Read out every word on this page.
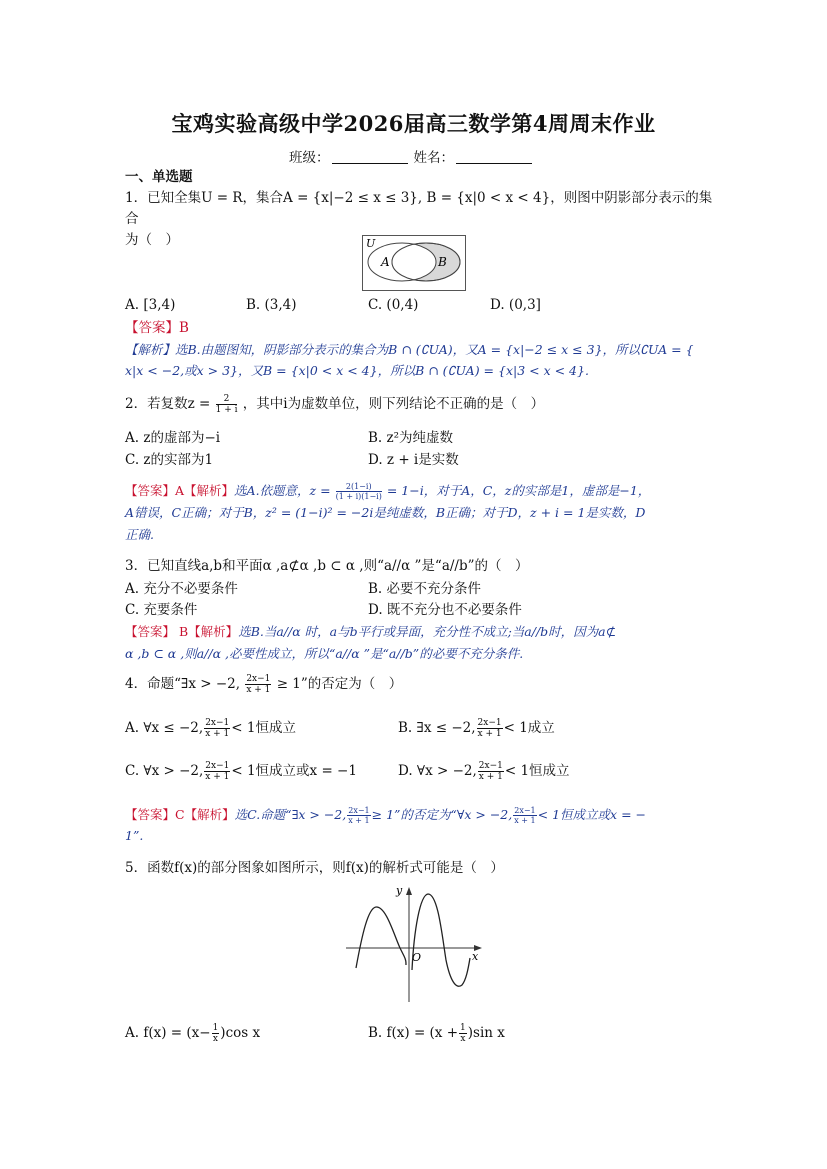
宝鸡实验高级中学2026届高三数学第4周周末作业
班级：	姓名：
一、单选题
1．已知全集U = R，集合A = {x|−2 ≤ x ≤ 3}, B = {x|0 < x < 4}，则图中阴影部分表示的集合
为（　）	U
A	B
A. [3,4)	B. (3,4)	C. (0,4)	D. (0,3]
【答案】B
【解析】选B.由题图知，阴影部分表示的集合为B ∩ (∁UA)，又A = {x|−2 ≤ x ≤ 3}，所以∁UA = {
x|x < −2,或x > 3}，又B = {x|0 < x < 4}，所以B ∩ (∁UA) = {x|3 < x < 4}.
2．若复数$z = \frac{2}{1 + i}$ ，其中i为虚数单位，则下列结论不正确的是（　）
A. z的虚部为−i	B. z²为纯虚数
C. z的实部为1	D. z + i是实数
【答案】A【解析】选A.依题意，$z = \frac{2(1-i)}{(1 + i)(1-i)} = 1-i$，对于A，C，z的实部是1，虚部是−1，
A错误，C正确；对于B，z² = (1−i)² = −2i是纯虚数，B正确；对于D，z + i = 1是实数，D
正确.
3．已知直线a,b和平面α ,a⊄α ,b ⊂ α ,则“a//α ”是“a//b”的（　）
A. 充分不必要条件	B. 必要不充分条件
C. 充要条件	D. 既不充分也不必要条件
【答案】 B【解析】选B.当a//α 时，a与b平行或异面，充分性不成立;当a//b时，因为a⊄
α ,b ⊂ α ,则a//α ,必要性成立，所以“a//α ”是“a//b”的必要不充分条件.
4．命题“∃x > −2, $\frac{2x-1}{x + 1} \ge 1$”的否定为（　）
A. ∀x ≤ −2, $\frac{2x-1}{x + 1} < 1$恒成立	B. ∃x ≤ −2, $\frac{2x-1}{x + 1} < 1$成立
C. ∀x > −2, $\frac{2x-1}{x + 1} < 1$恒成立或x = −1	D. ∀x > −2, $\frac{2x-1}{x + 1} < 1$恒成立
【答案】C【解析】选C.命题“∃x > −2, $\frac{2x-1}{x + 1} \ge 1$”的否定为“∀x > −2, $\frac{2x-1}{x + 1} < 1$恒成立或x = −
1”.
5．函数f(x)的部分图象如图所示，则f(x)的解析式可能是（　）
y
x
O
A. $f(x) = (x- \frac{1}{x} )\cos$ x	B. $f(x) = (x + \frac{1}{x} )\sin$ x
